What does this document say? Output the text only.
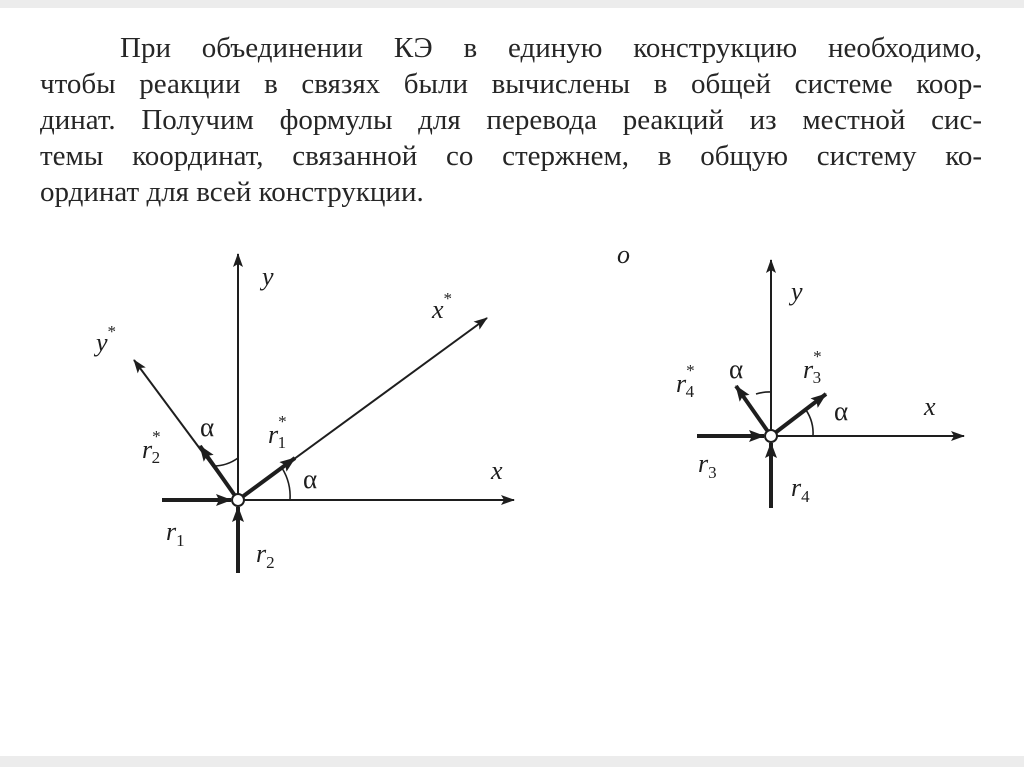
При объединении КЭ в единую конструкцию необходимо,
чтобы реакции в связях были вычислены в общей системе коор-
динат. Получим формулы для перевода реакций из местной сис-
темы координат, связанной со стержнем, в общую систему ко-
ординат для всей конструкции.
о
y
x
x*
y*
α
α
r* 1
r* 2
r1	r2
y
x
α
α
r* 3
r* 4
r3
r4
